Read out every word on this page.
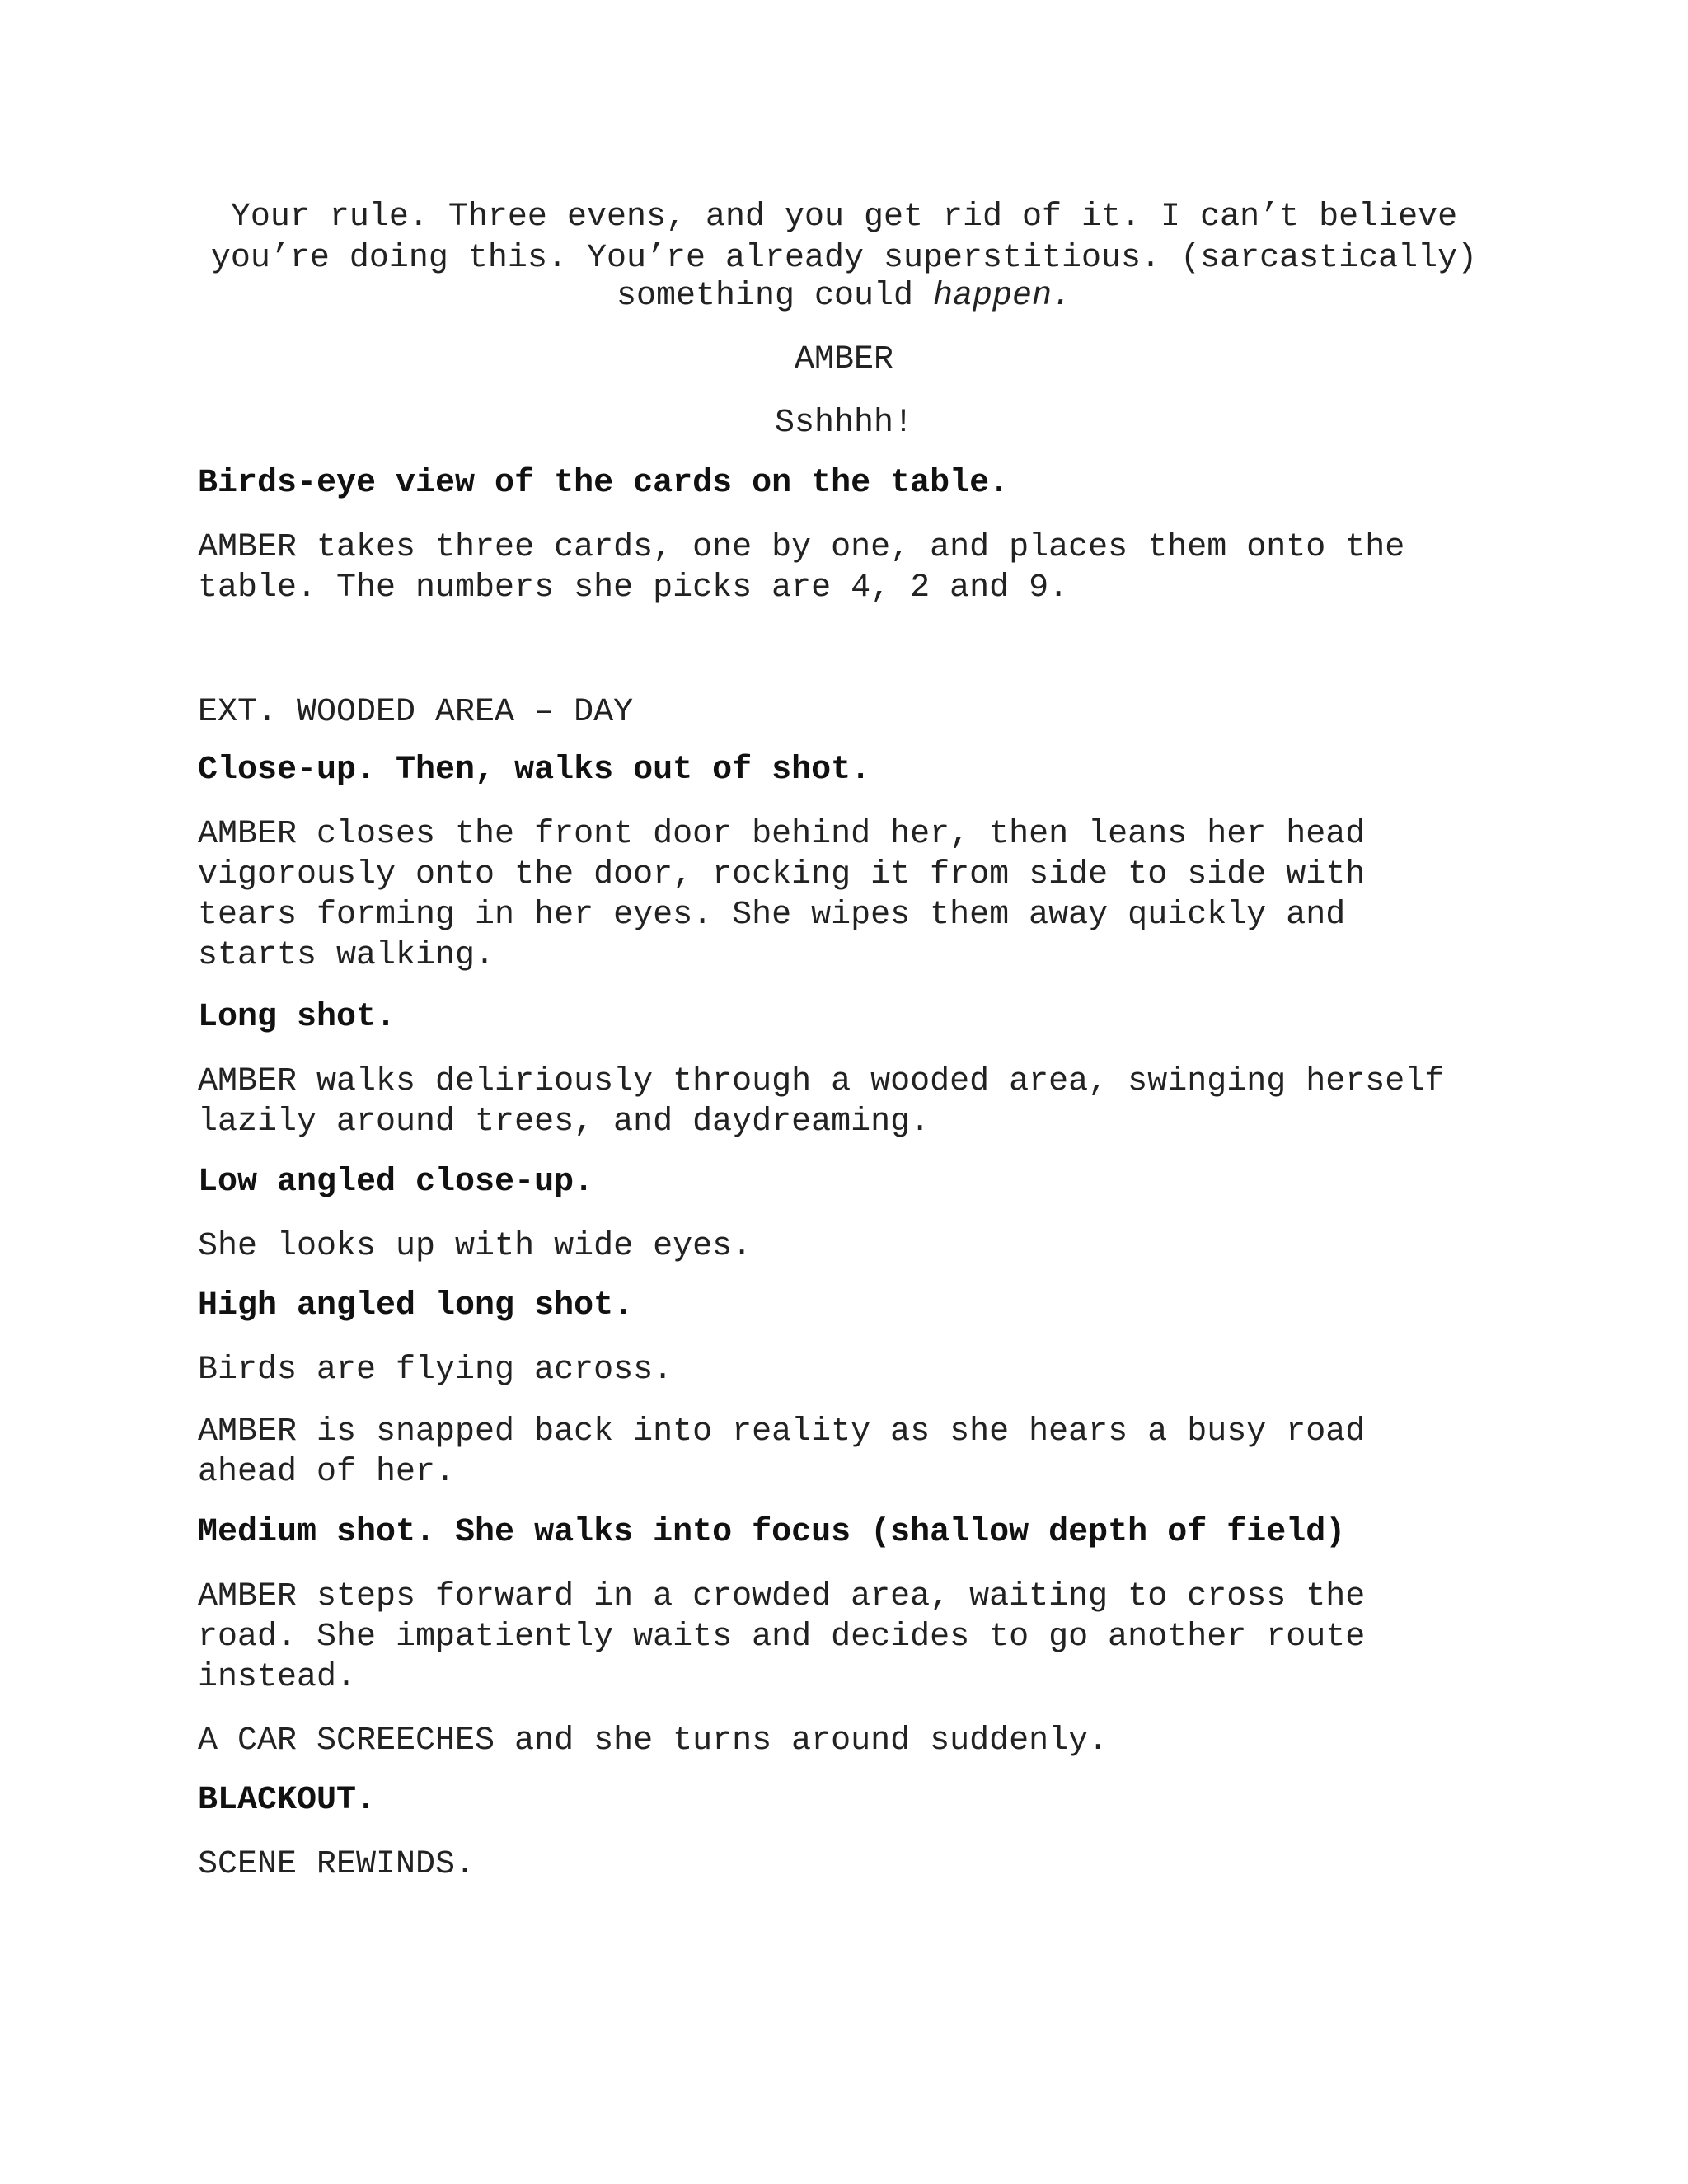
Your rule. Three evens, and you get rid of it. I can’t believe
you’re doing this. You’re already superstitious. (sarcastically)
something could happen.
AMBER
Sshhhh!
Birds-eye view of the cards on the table.
AMBER takes three cards, one by one, and places them onto the
table. The numbers she picks are 4, 2 and 9.
EXT. WOODED AREA – DAY
Close-up. Then, walks out of shot.
AMBER closes the front door behind her, then leans her head
vigorously onto the door, rocking it from side to side with
tears forming in her eyes. She wipes them away quickly and
starts walking.
Long shot.
AMBER walks deliriously through a wooded area, swinging herself
lazily around trees, and daydreaming.
Low angled close-up.
She looks up with wide eyes.
High angled long shot.
Birds are flying across.
AMBER is snapped back into reality as she hears a busy road
ahead of her.
Medium shot. She walks into focus (shallow depth of field)
AMBER steps forward in a crowded area, waiting to cross the
road. She impatiently waits and decides to go another route
instead.
A CAR SCREECHES and she turns around suddenly.
BLACKOUT.
SCENE REWINDS.
